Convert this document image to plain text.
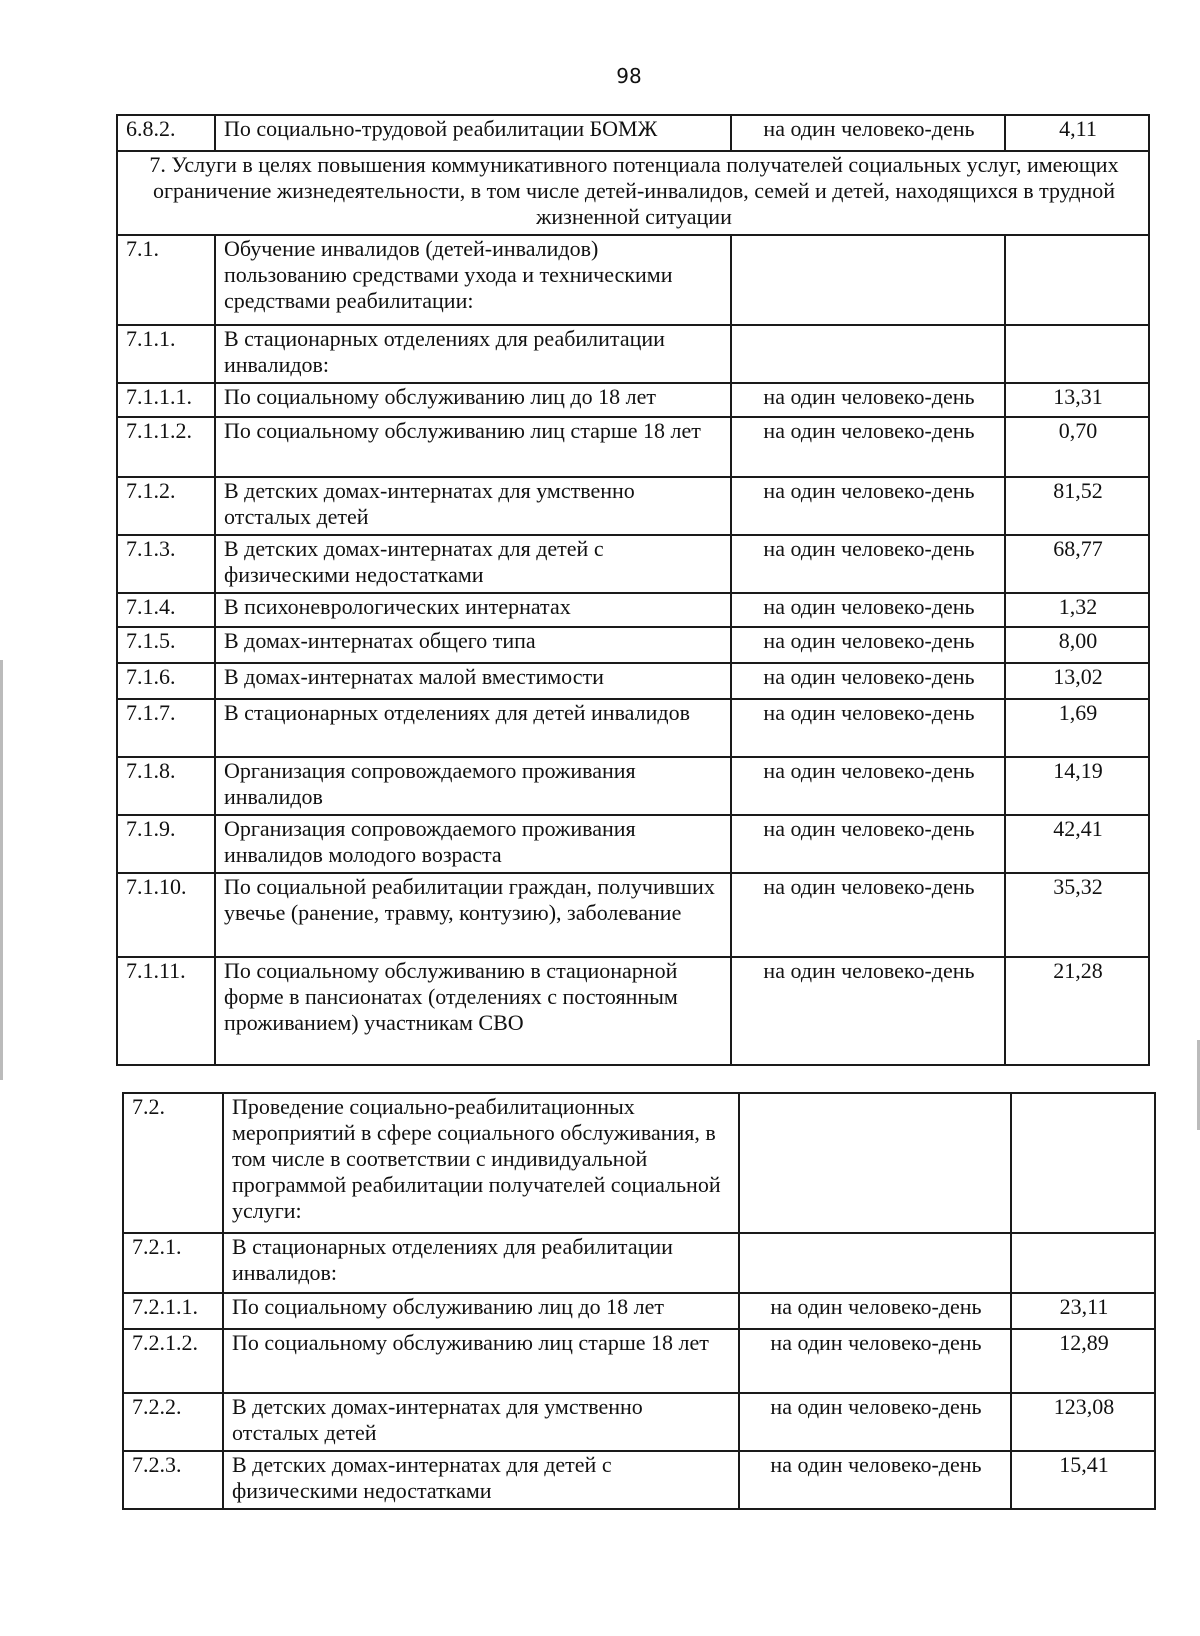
98
6.8.2.	По социально-трудовой реабилитации БОМЖ	на один человеко-день	4,11
7. Услуги в целях повышения коммуникативного потенциала получателей социальных услуг, имеющих ограничение жизнедеятельности, в том числе детей-инвалидов, семей и детей, находящихся в трудной жизненной ситуации			
7.1.	Обучение инвалидов (детей-инвалидов) пользованию средствами ухода и техническими средствами реабилитации:		
7.1.1.	В стационарных отделениях для реабилитации инвалидов:		
7.1.1.1.	По социальному обслуживанию лиц до 18 лет	на один человеко-день	13,31
7.1.1.2.	По социальному обслуживанию лиц старше 18 лет	на один человеко-день	0,70
7.1.2.	В детских домах-интернатах для умственно отсталых детей	на один человеко-день	81,52
7.1.3.	В детских домах-интернатах для детей с физическими недостатками	на один человеко-день	68,77
7.1.4.	В психоневрологических интернатах	на один человеко-день	1,32
7.1.5.	В домах-интернатах общего типа	на один человеко-день	8,00
7.1.6.	В домах-интернатах малой вместимости	на один человеко-день	13,02
7.1.7.	В стационарных отделениях для детей инвалидов	на один человеко-день	1,69
7.1.8.	Организация сопровождаемого проживания инвалидов	на один человеко-день	14,19
7.1.9.	Организация сопровождаемого проживания инвалидов молодого возраста	на один человеко-день	42,41
7.1.10.	По социальной реабилитации граждан, получивших увечье (ранение, травму, контузию), заболевание	на один человеко-день	35,32
7.1.11.	По социальному обслуживанию в стационарной форме в пансионатах (отделениях с постоянным проживанием) участникам СВО	на один человеко-день	21,28
7.2.	Проведение социально-реабилитационных мероприятий в сфере социального обслуживания, в том числе в соответствии с индивидуальной программой реабилитации получателей социальной услуги:		
7.2.1.	В стационарных отделениях для реабилитации инвалидов:		
7.2.1.1.	По социальному обслуживанию лиц до 18 лет	на один человеко-день	23,11
7.2.1.2.	По социальному обслуживанию лиц старше 18 лет	на один человеко-день	12,89
7.2.2.	В детских домах-интернатах для умственно отсталых детей	на один человеко-день	123,08
7.2.3.	В детских домах-интернатах для детей с физическими недостатками	на один человеко-день	15,41
